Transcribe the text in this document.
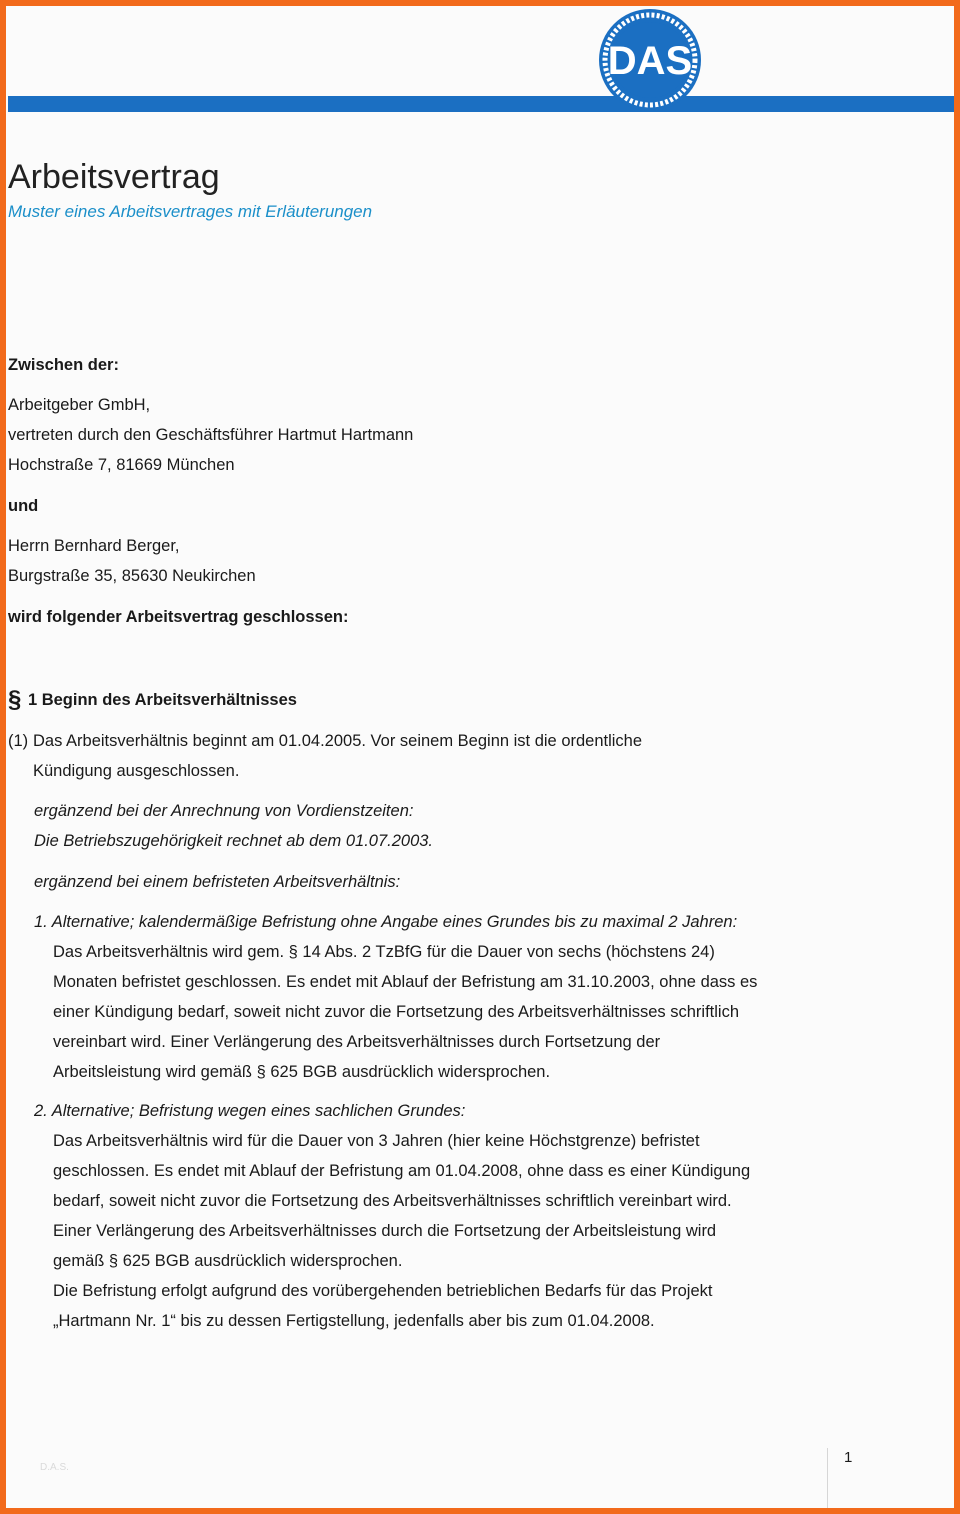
DAS
Arbeitsvertrag
Muster eines Arbeitsvertrages mit Erläuterungen
Zwischen der:
Arbeitgeber GmbH,
vertreten durch den Geschäftsführer Hartmut Hartmann
Hochstraße 7, 81669 München
und
Herrn Bernhard Berger,
Burgstraße 35, 85630 Neukirchen
wird folgender Arbeitsvertrag geschlossen:
§ 1 Beginn des Arbeitsverhältnisses
(1) Das Arbeitsverhältnis beginnt am 01.04.2005. Vor seinem Beginn ist die ordentliche
Kündigung ausgeschlossen.
ergänzend bei der Anrechnung von Vordienstzeiten:
Die Betriebszugehörigkeit rechnet ab dem 01.07.2003.
ergänzend bei einem befristeten Arbeitsverhältnis:
1. Alternative; kalendermäßige Befristung ohne Angabe eines Grundes bis zu maximal 2 Jahren:
Das Arbeitsverhältnis wird gem. § 14 Abs. 2 TzBfG für die Dauer von sechs (höchstens 24)
Monaten befristet geschlossen. Es endet mit Ablauf der Befristung am 31.10.2003, ohne dass es
einer Kündigung bedarf, soweit nicht zuvor die Fortsetzung des Arbeitsverhältnisses schriftlich
vereinbart wird. Einer Verlängerung des Arbeitsverhältnisses durch Fortsetzung der
Arbeitsleistung wird gemäß § 625 BGB ausdrücklich widersprochen.
2. Alternative; Befristung wegen eines sachlichen Grundes:
Das Arbeitsverhältnis wird für die Dauer von 3 Jahren (hier keine Höchstgrenze) befristet
geschlossen. Es endet mit Ablauf der Befristung am 01.04.2008, ohne dass es einer Kündigung
bedarf, soweit nicht zuvor die Fortsetzung des Arbeitsverhältnisses schriftlich vereinbart wird.
Einer Verlängerung des Arbeitsverhältnisses durch die Fortsetzung der Arbeitsleistung wird
gemäß § 625 BGB ausdrücklich widersprochen.
Die Befristung erfolgt aufgrund des vorübergehenden betrieblichen Bedarfs für das Projekt
„Hartmann Nr. 1“ bis zu dessen Fertigstellung, jedenfalls aber bis zum 01.04.2008.
D.A.S.
1
